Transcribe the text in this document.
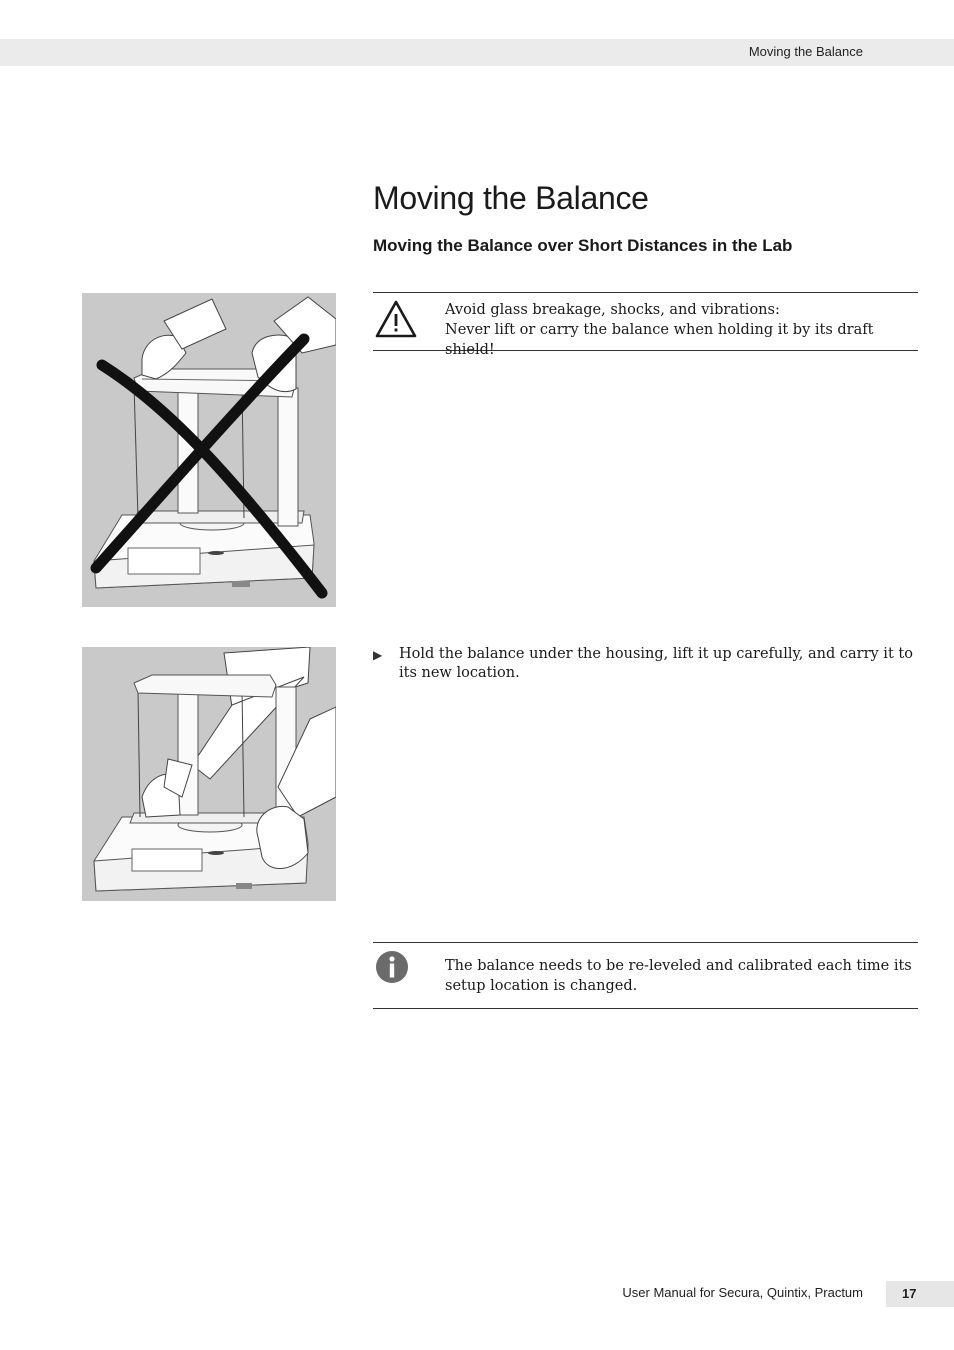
Moving the Balance
Moving the Balance
Moving the Balance over Short Distances in the Lab
Avoid glass breakage, shocks, and vibrations:
Never lift or carry the balance when holding it by its draft shield!
▶ Hold the balance under the housing, lift it up carefully, and carry it to its new location.
The balance needs to be re-leveled and calibrated each time its setup location is changed.
User Manual for Secura, Quintix, Practum	17
